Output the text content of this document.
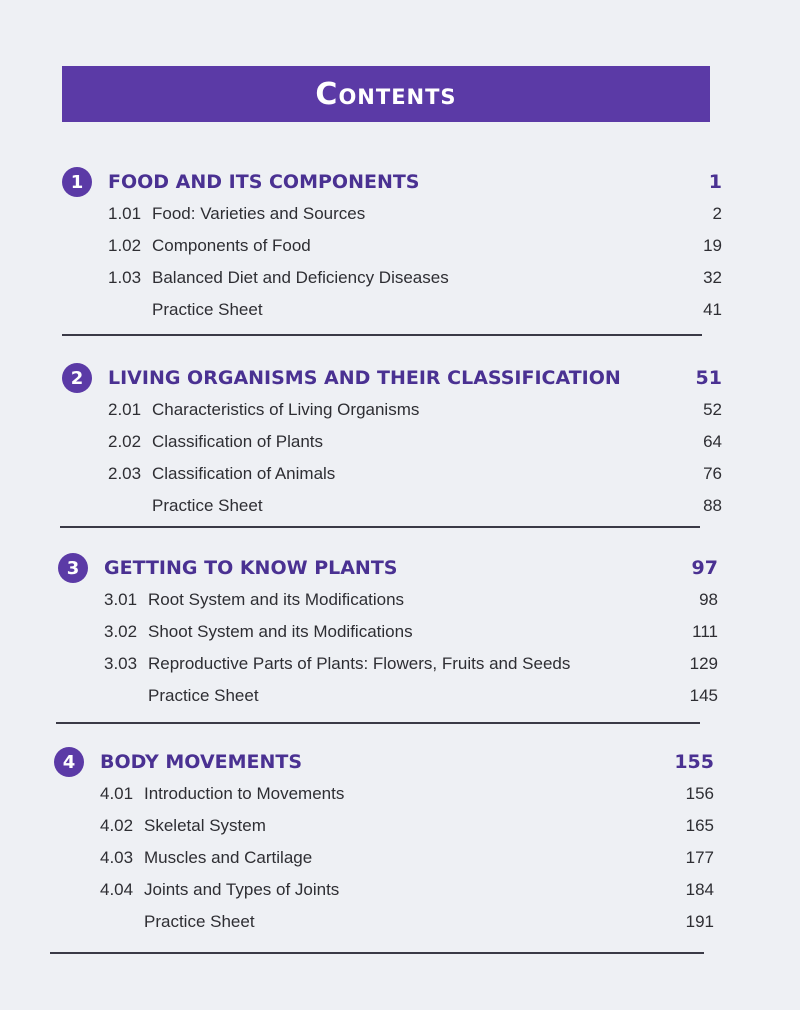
Contents
1	FOOD AND ITS COMPONENTS	1
1.01 Food: Varieties and Sources	2
1.02 Components of Food	19
1.03 Balanced Diet and Deficiency Diseases	32
Practice Sheet	41
2	LIVING ORGANISMS AND THEIR CLASSIFICATION	51
2.01 Characteristics of Living Organisms	52
2.02 Classification of Plants	64
2.03 Classification of Animals	76
Practice Sheet	88
3	GETTING TO KNOW PLANTS	97
3.01 Root System and its Modifications	98
3.02 Shoot System and its Modifications	111
3.03 Reproductive Parts of Plants: Flowers, Fruits and Seeds	129
Practice Sheet	145
4	BODY MOVEMENTS	155
4.01 Introduction to Movements	156
4.02 Skeletal System	165
4.03 Muscles and Cartilage	177
4.04 Joints and Types of Joints	184
Practice Sheet	191
